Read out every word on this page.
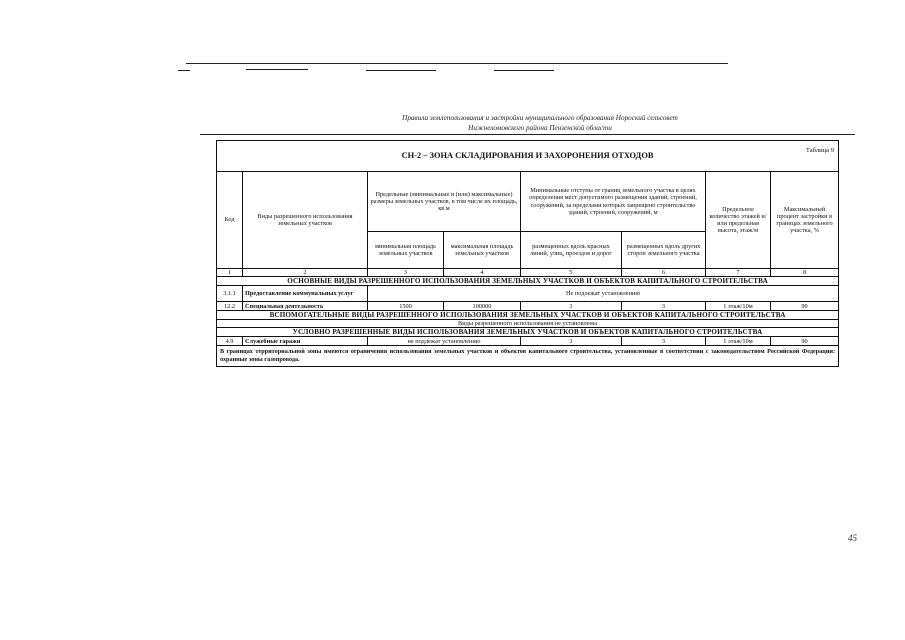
Правила землепользования и застройки муниципального образования Нороский сельсовет
Нижнеломовского района Пензенской области
Таблица 9
СН-2 – ЗОНА СКЛАДИРОВАНИЯ И ЗАХОРОНЕНИЯ ОТХОДОВ							
Код	Виды разрешенного использования земельных участков	Предельные (минимальные и (или) максимальные) размеры земельных участков, в том числе их площадь, кв.м		Минимальные отступы от границ земельного участка в целях определения мест допустимого размещения зданий, строений, сооружений, за пределами которых запрещено строительство зданий, строений, сооружений, м		Предельное количество этажей и/или предельная высота, этаж/м	Максимальный процент застройки в границах земельного участка, %
		минимальная площадь земельных участков	максимальная площадь земельных участков	размещенных вдоль красных линий, улиц, проездов и дорог	размещенных вдоль других сторон земельного участка		
1	2	3	4	5	6	7	8
ОСНОВНЫЕ ВИДЫ РАЗРЕШЕННОГО ИСПОЛЬЗОВАНИЯ ЗЕМЕЛЬНЫХ УЧАСТКОВ И ОБЪЕКТОВ КАПИТАЛЬНОГО СТРОИТЕЛЬСТВА							
3.1.1	Предоставление коммунальных услуг	Не подлежат установлению					
12.2	Специальная деятельность	1500	100000	3	3	1 этаж/10м	90
ВСПОМОГАТЕЛЬНЫЕ ВИДЫ РАЗРЕШЕННОГО ИСПОЛЬЗОВАНИЯ ЗЕМЕЛЬНЫХ УЧАСТКОВ И ОБЪЕКТОВ КАПИТАЛЬНОГО СТРОИТЕЛЬСТВА							
Виды разрешенного использования не установлены							
УСЛОВНО РАЗРЕШЕННЫЕ ВИДЫ ИСПОЛЬЗОВАНИЯ ЗЕМЕЛЬНЫХ УЧАСТКОВ И ОБЪЕКТОВ КАПИТАЛЬНОГО СТРОИТЕЛЬСТВА							
4.9	Служебные гаражи	не подлежат установлению		3	3	1 этаж/10м	90
В границах территориальной зоны имеются ограничения использования земельных участков и объектов капитального строительства, установленные в соответствии с законодательством Российской Федерации: охранные зоны газопровода.							
45
